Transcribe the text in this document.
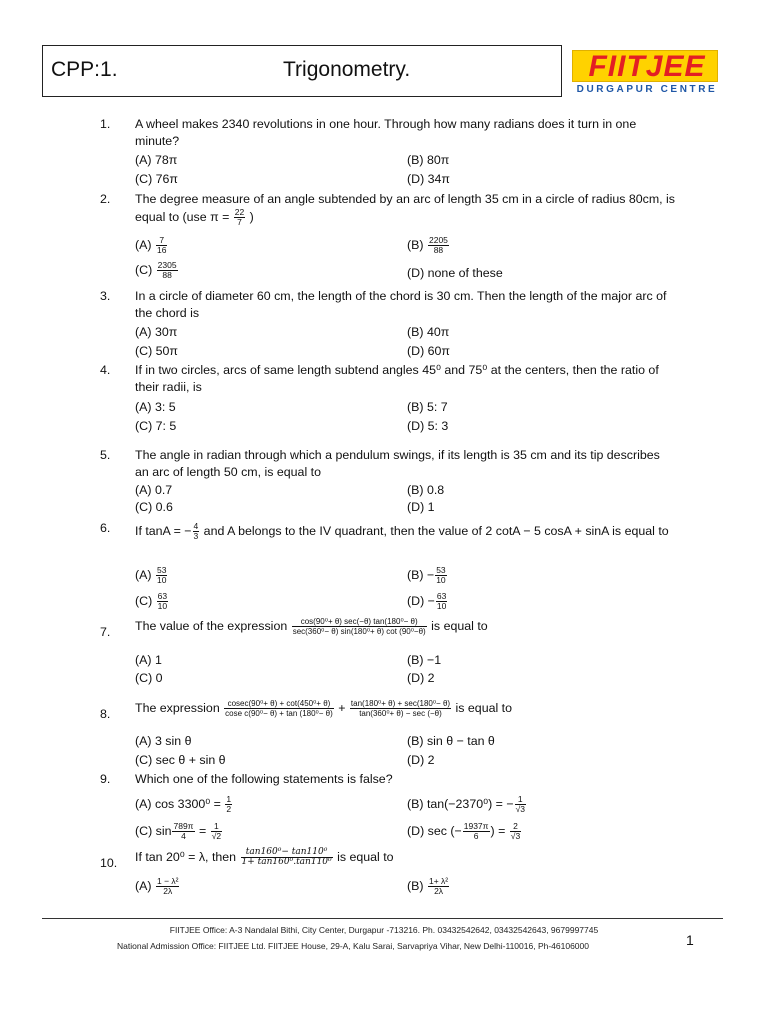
CPP:1.	Trigonometry.	FIITJEE
DURGAPUR CENTRE
1.	A wheel makes 2340 revolutions in one hour. Through how many radians does it turn in one minute?
(A) 78π	(B) 80π
(C) 76π	(D) 34π
2.	The degree measure of an angle subtended by an arc of length 35 cm in a circle of radius 80cm, is equal to (use $\pi = \frac{22}{7}$ )
$(A) \frac{7}{16}$	$(B) \frac{2205}{88}$
$(C) \frac{2305}{88}$	(D) none of these
3.	In a circle of diameter 60 cm, the length of the chord is 30 cm. Then the length of the major arc of the chord is
(A) 30π	(B) 40π
(C) 50π	(D) 60π
4.	If in two circles, arcs of same length subtend angles 45⁰ and 75⁰ at the centers, then the ratio of their radii, is
(A) 3: 5	(B) 5: 7
(C) 7: 5	(D) 5: 3
5.	The angle in radian through which a pendulum swings, if its length is 35 cm and its tip describes an arc of length 50 cm, is equal to
(A) 0.7	(B) 0.8
(C) 0.6	(D) 1
6.	If tanA = − $\frac{4}{3}$ and A belongs to the IV quadrant, then the value of 2 cotA − 5 cosA + sinA is equal to
$(A) \frac{53}{10}$	$(B) - \frac{53}{10}$
$(C) \frac{63}{10}$	$(D) - \frac{63}{10}$
7.	The value of the expression $\frac{\text{cos(90⁰+ θ) sec(−θ) tan(180⁰− θ)}}{\text{sec(360⁰− θ) sin(180⁰+ θ) cot (90⁰−θ)}}$ is equal to
(A) 1	(B) −1
(C) 0	(D) 2
8.	The expression $\frac{\text{cosec(90⁰+ θ) + cot(450⁰+ θ)}}{\text{cose c(90⁰− θ) + tan (180⁰− θ)}} + \frac{\text{tan(180⁰+ θ) + sec(180⁰− θ)}}{\text{tan(360⁰+ θ) − sec (−θ)}}$ is equal to
(A) 3 sin θ	(B) sin θ − tan θ
(C) sec θ + sin θ	(D) 2
9.	Which one of the following statements is false?
(A) $\cos 3300^0 = \frac{1}{2}$	(B) tan(−2370⁰) = − $\frac{1}{√3}$
(C) $\sin \frac{789\pi}{4} = \frac{1}{√2}$	(D) sec (− $\frac{1937\pi}{6}$ ) = $\frac{2}{√3}$
10.	If tan 20⁰ = λ, then $\frac{\text{tan160⁰− tan110⁰}}{\text{1+ tan160⁰.tan110⁰}}$ is equal to
$(A) \frac{\text{1 − λ²}}{2\lambda}$	$(B) \frac{\text{1+ λ²}}{2\lambda}$
FIITJEE Office: A-3 Nandalal Bithi, City Center, Durgapur -713216. Ph. 03432542642, 03432542643, 9679997745
National Admission Office: FIITJEE Ltd. FIITJEE House, 29-A, Kalu Sarai, Sarvapriya Vihar, New Delhi-110016, Ph-46106000	1
